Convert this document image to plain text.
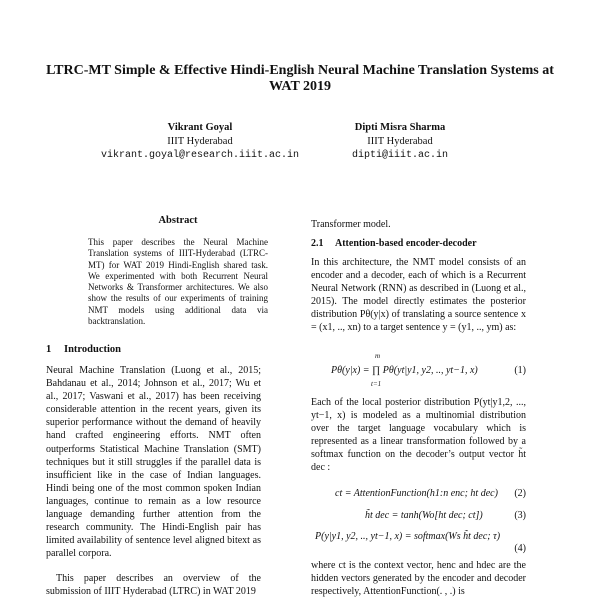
LTRC-MT Simple & Effective Hindi-English Neural Machine Translation Systems at WAT 2019
Vikrant Goyal
IIIT Hyderabad
vikrant.goyal@research.iiit.ac.in
Dipti Misra Sharma
IIIT Hyderabad
dipti@iiit.ac.in
Abstract
This paper describes the Neural Machine Translation systems of IIIT-Hyderabad (LTRC-MT) for WAT 2019 Hindi-English shared task. We experimented with both Recurrent Neural Networks & Transformer architectures. We also show the results of our experiments of training NMT models using additional data via backtranslation.
1 Introduction
Neural Machine Translation (Luong et al., 2015; Bahdanau et al., 2014; Johnson et al., 2017; Wu et al., 2017; Vaswani et al., 2017) has been receiving considerable attention in the recent years, given its superior performance without the demand of heavily hand crafted engineering efforts. NMT often outperforms Statistical Machine Translation (SMT) techniques but it still struggles if the parallel data is insufficient like in the case of Indian languages. Hindi being one of the most common spoken Indian languages, continue to remain as a low resource language demanding further attention from the research community. The Hindi-English pair has limited availability of sentence level aligned bitext as parallel corpora.
This paper describes an overview of the submission of IIIT Hyderabad (LTRC) in WAT 2019
Transformer model.
2.1 Attention-based encoder-decoder
In this architecture, the NMT model consists of an encoder and a decoder, each of which is a Recurrent Neural Network (RNN) as described in (Luong et al., 2015). The model directly estimates the posterior distribution Pθ(y|x) of translating a source sentence x = (x1, .., xn) to a target sentence y = (y1, .., ym) as:
Pθ(y|x) = ∏ Pθ(yt|y1, y2, .., yt−1, x)
m
t=1
(1)
Each of the local posterior distribution P(yt|y1,2, ..., yt−1, x) is modeled as a multinomial distribution over the target language vocabulary which is represented as a linear transformation followed by a softmax function on the decoder’s output vector h̃t dec :
ct = AttentionFunction(h1:n enc; ht dec) (2)
h̃t dec = tanh(Wo[ht dec; ct])	(3)
P(y|y1, y2, .., yt−1, x) = softmax(Ws h̃t dec; τ)
(4)
where ct is the context vector, henc and hdec are the hidden vectors generated by the encoder and decoder respectively, AttentionFunction(. , .) is
